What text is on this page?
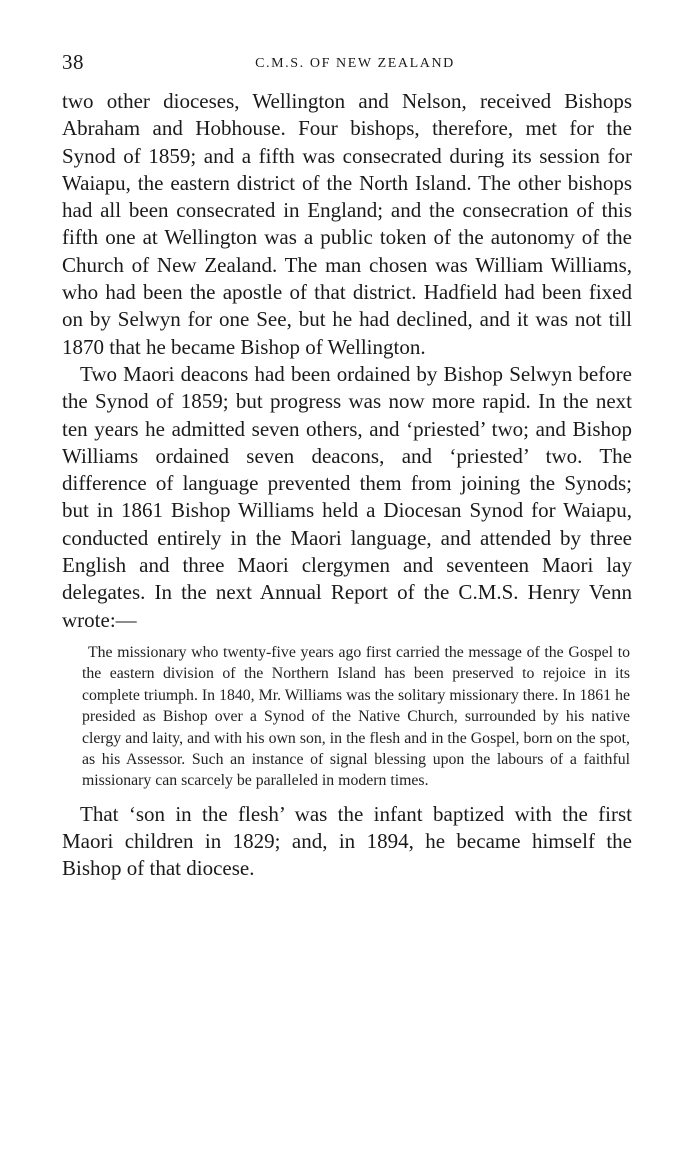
38	C.M.S. OF NEW ZEALAND

two other dioceses, Wellington and Nelson, received Bishops Abraham and Hobhouse. Four bishops, therefore, met for the Synod of 1859; and a fifth was consecrated during its session for Waiapu, the eastern district of the North Island. The other bishops had all been consecrated in England; and the consecration of this fifth one at Wellington was a public token of the autonomy of the Church of New Zealand. The man chosen was William Williams, who had been the apostle of that district. Hadfield had been fixed on by Selwyn for one See, but he had declined, and it was not till 1870 that he became Bishop of Wellington.

Two Maori deacons had been ordained by Bishop Selwyn before the Synod of 1859; but progress was now more rapid. In the next ten years he admitted seven others, and ‘priested’ two; and Bishop Williams ordained seven deacons, and ‘priested’ two. The difference of language prevented them from joining the Synods; but in 1861 Bishop Williams held a Diocesan Synod for Waiapu, conducted entirely in the Maori language, and attended by three English and three Maori clergymen and seventeen Maori lay delegates. In the next Annual Report of the C.M.S. Henry Venn wrote:—

The missionary who twenty-five years ago first carried the message of the Gospel to the eastern division of the Northern Island has been preserved to rejoice in its complete triumph. In 1840, Mr. Williams was the solitary missionary there. In 1861 he presided as Bishop over a Synod of the Native Church, surrounded by his native clergy and laity, and with his own son, in the flesh and in the Gospel, born on the spot, as his Assessor. Such an instance of signal blessing upon the labours of a faithful missionary can scarcely be paralleled in modern times.

That ‘son in the flesh’ was the infant baptized with the first Maori children in 1829; and, in 1894, he became himself the Bishop of that diocese.
